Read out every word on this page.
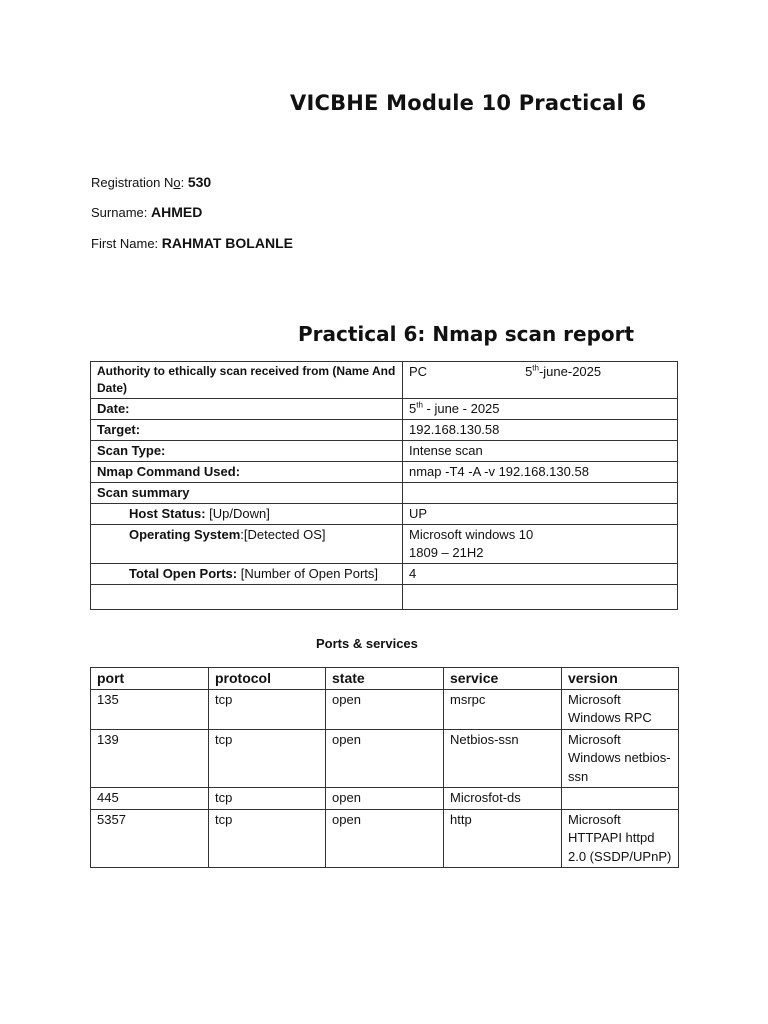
VICBHE Module 10 Practical 6
Registration No: 530
Surname: AHMED
First Name: RAHMAT BOLANLE
Practical 6: Nmap scan report
Authority to ethically scan received from (Name And Date)	PC 5th-june-2025
Date:	5th - june - 2025
Target:	192.168.130.58
Scan Type:	Intense scan
Nmap Command Used:	nmap -T4 -A -v 192.168.130.58
Scan summary	
Host Status: [Up/Down]	UP
Operating System:[Detected OS]	Microsoft windows 10
1809 – 21H2

Total Open Ports: [Number of Open Ports]	4

Ports & services
port	protocol	state	service	version
135	tcp	open	msrpc	Microsoft Windows RPC
139	tcp	open	Netbios-ssn	Microsoft Windows netbios-ssn
445	tcp	open	Microsfot-ds	
5357	tcp	open	http	Microsoft HTTPAPI httpd 2.0 (SSDP/UPnP)
